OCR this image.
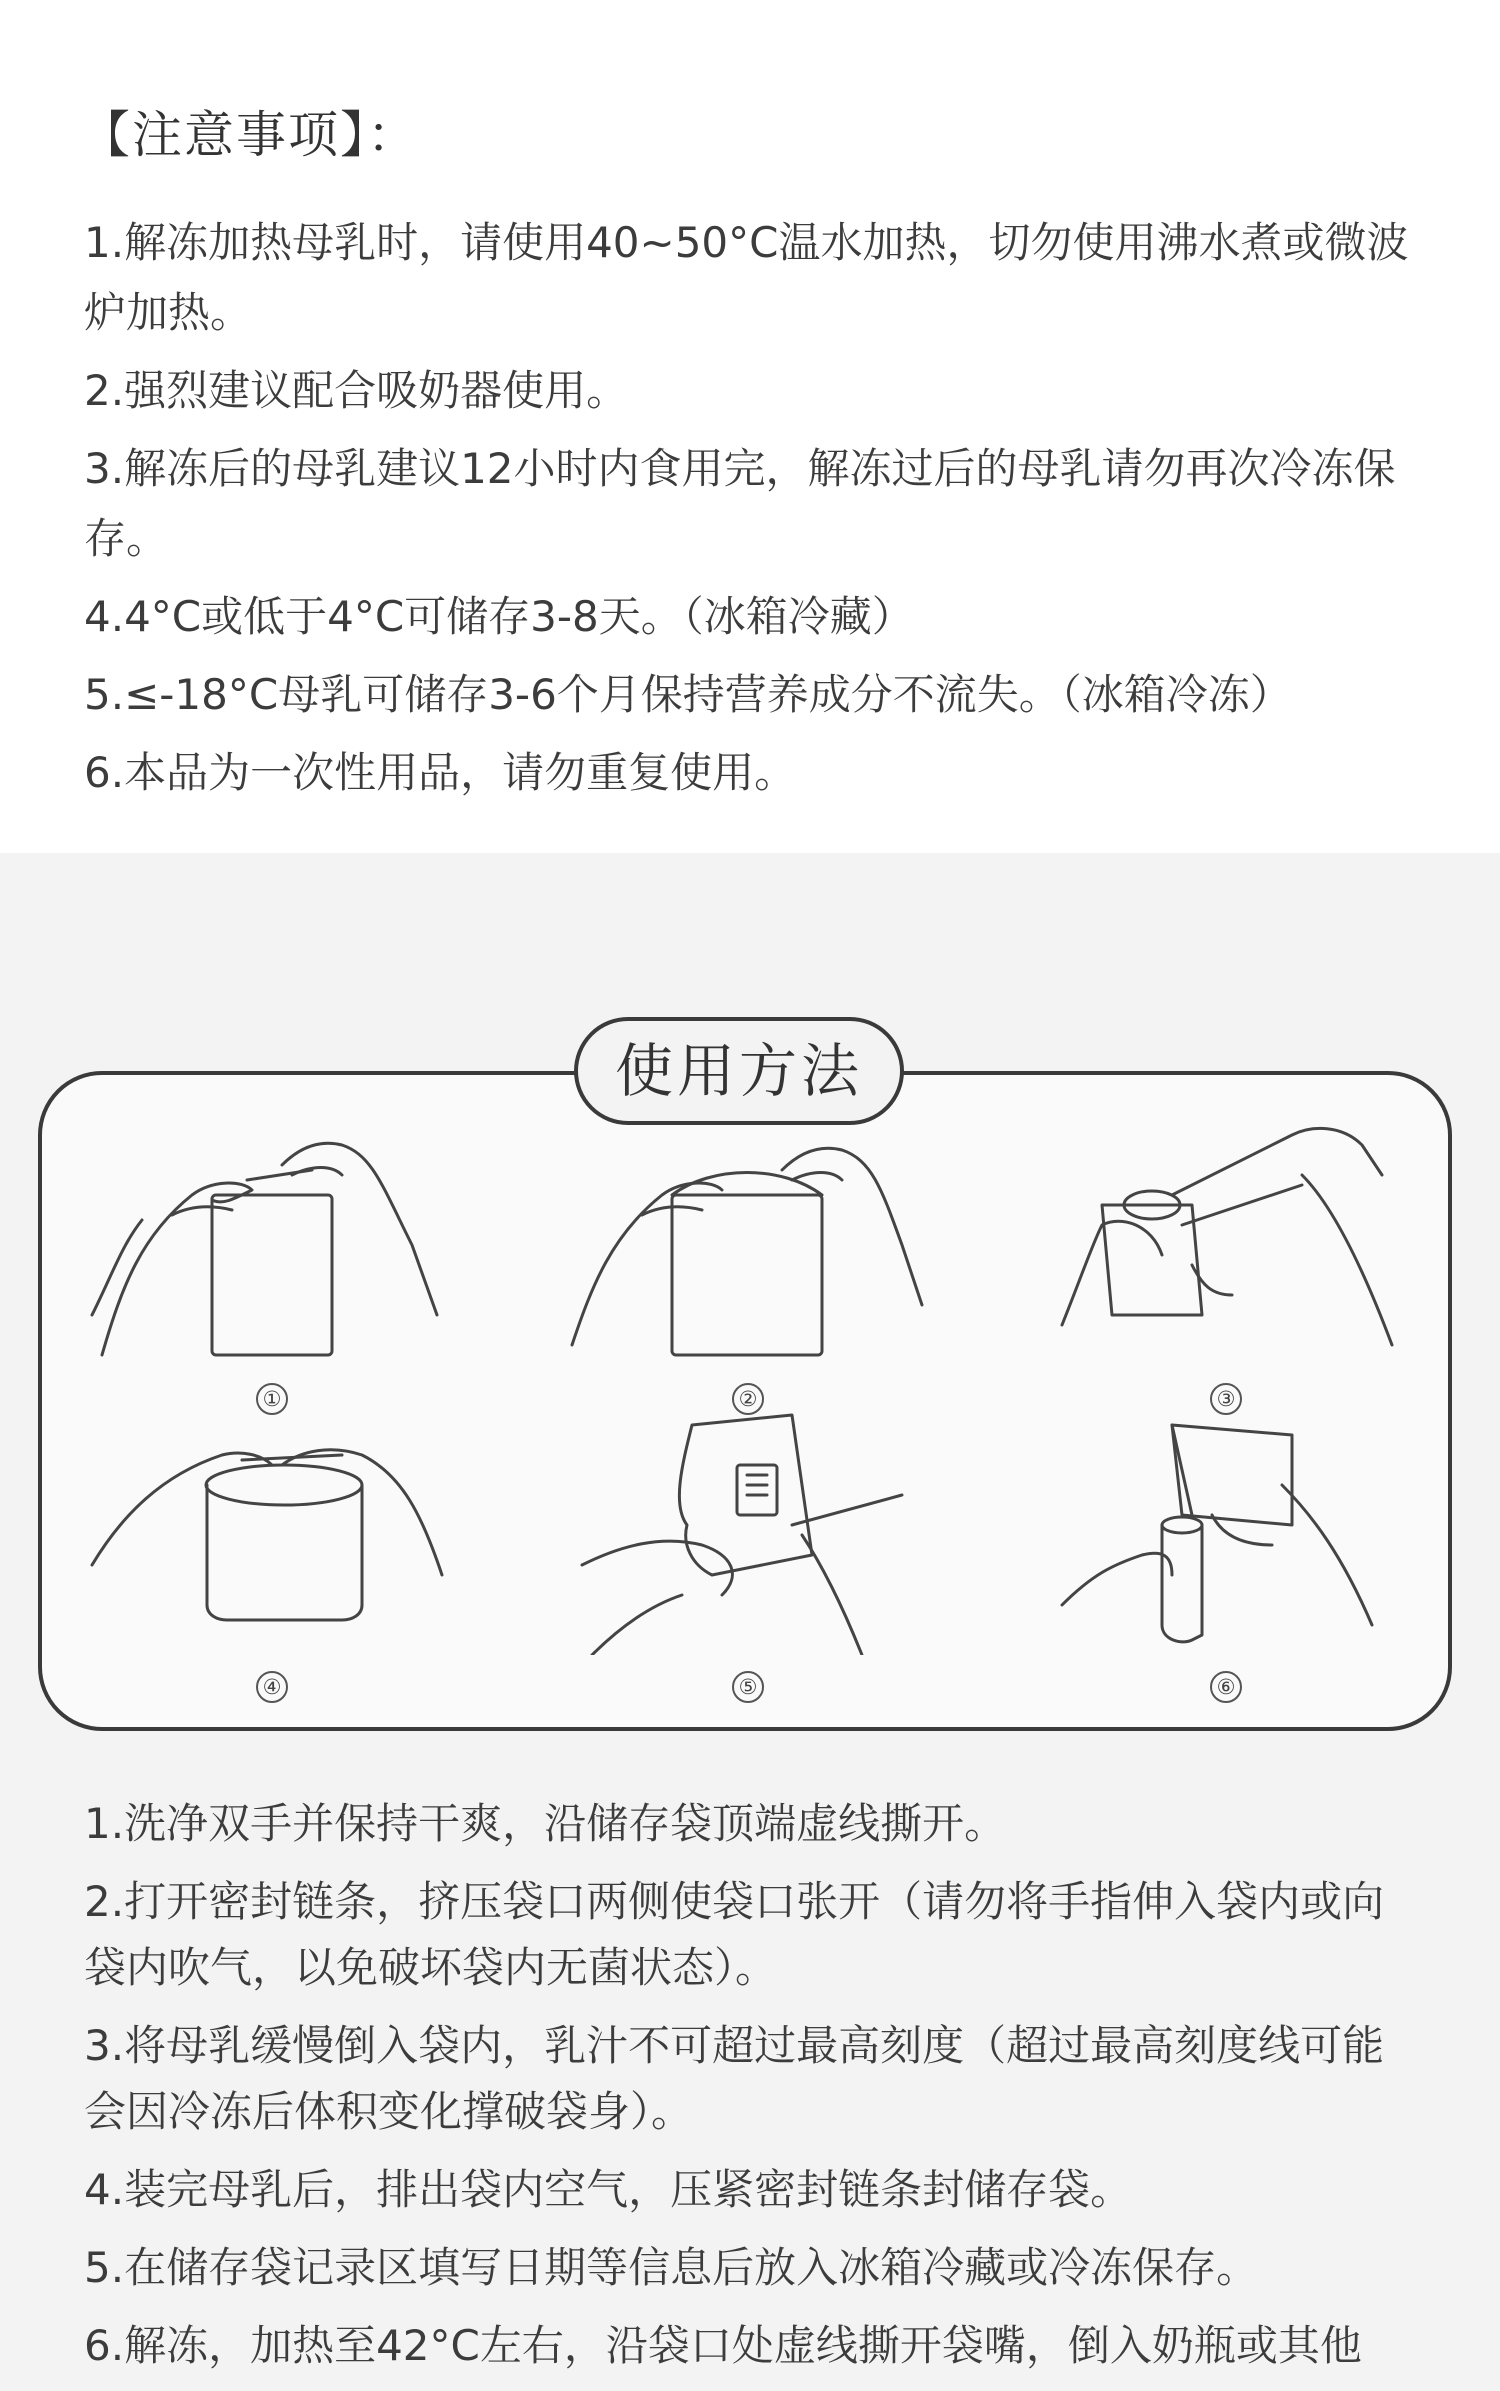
【注意事项】：

1.解冻加热母乳时，请使用40~50°C温水加热，切勿使用沸水煮或微波炉加热。

2.强烈建议配合吸奶器使用。

3.解冻后的母乳建议12小时内食用完，解冻过后的母乳请勿再次冷冻保存。

4.4°C或低于4°C可储存3-8天。（冰箱冷藏）

5.≤-18°C母乳可储存3-6个月保持营养成分不流失。（冰箱冷冻）

6.本品为一次性用品，请勿重复使用。

①	②	③
④	⑤	⑥
使用方法

1.洗净双手并保持干爽，沿储存袋顶端虚线撕开。

2.打开密封链条，挤压袋口两侧使袋口张开（请勿将手指伸入袋内或向袋内吹气，以免破坏袋内无菌状态）。

3.将母乳缓慢倒入袋内，乳汁不可超过最高刻度（超过最高刻度线可能会因冷冻后体积变化撑破袋身）。

4.装完母乳后，排出袋内空气，压紧密封链条封储存袋。

5.在储存袋记录区填写日期等信息后放入冰箱冷藏或冷冻保存。

6.解冻，加热至42°C左右，沿袋口处虚线撕开袋嘴，倒入奶瓶或其他
